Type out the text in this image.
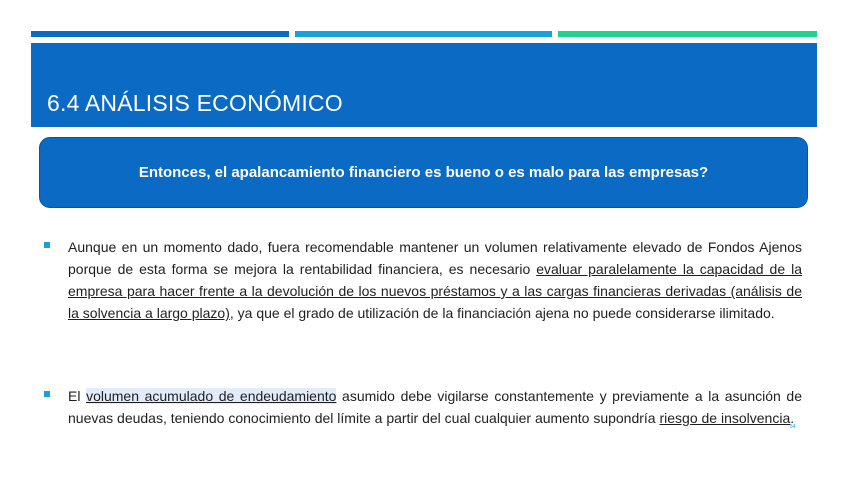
6.4 ANÁLISIS ECONÓMICO
Entonces, el apalancamiento financiero es bueno o es malo para las empresas?

Aunque en un momento dado, fuera recomendable mantener un volumen relativamente elevado de Fondos Ajenos porque de esta forma se mejora la rentabilidad financiera, es necesario evaluar paralelamente la capacidad de la empresa para hacer frente a la devolución de los nuevos préstamos y a las cargas financieras derivadas (análisis de la solvencia a largo plazo), ya que el grado de utilización de la financiación ajena no puede considerarse ilimitado.

El volumen acumulado de endeudamiento asumido debe vigilarse constantemente y previamente a la asunción de nuevas deudas, teniendo conocimiento del límite a partir del cual cualquier aumento supondría riesgo de insolvencia.

54
